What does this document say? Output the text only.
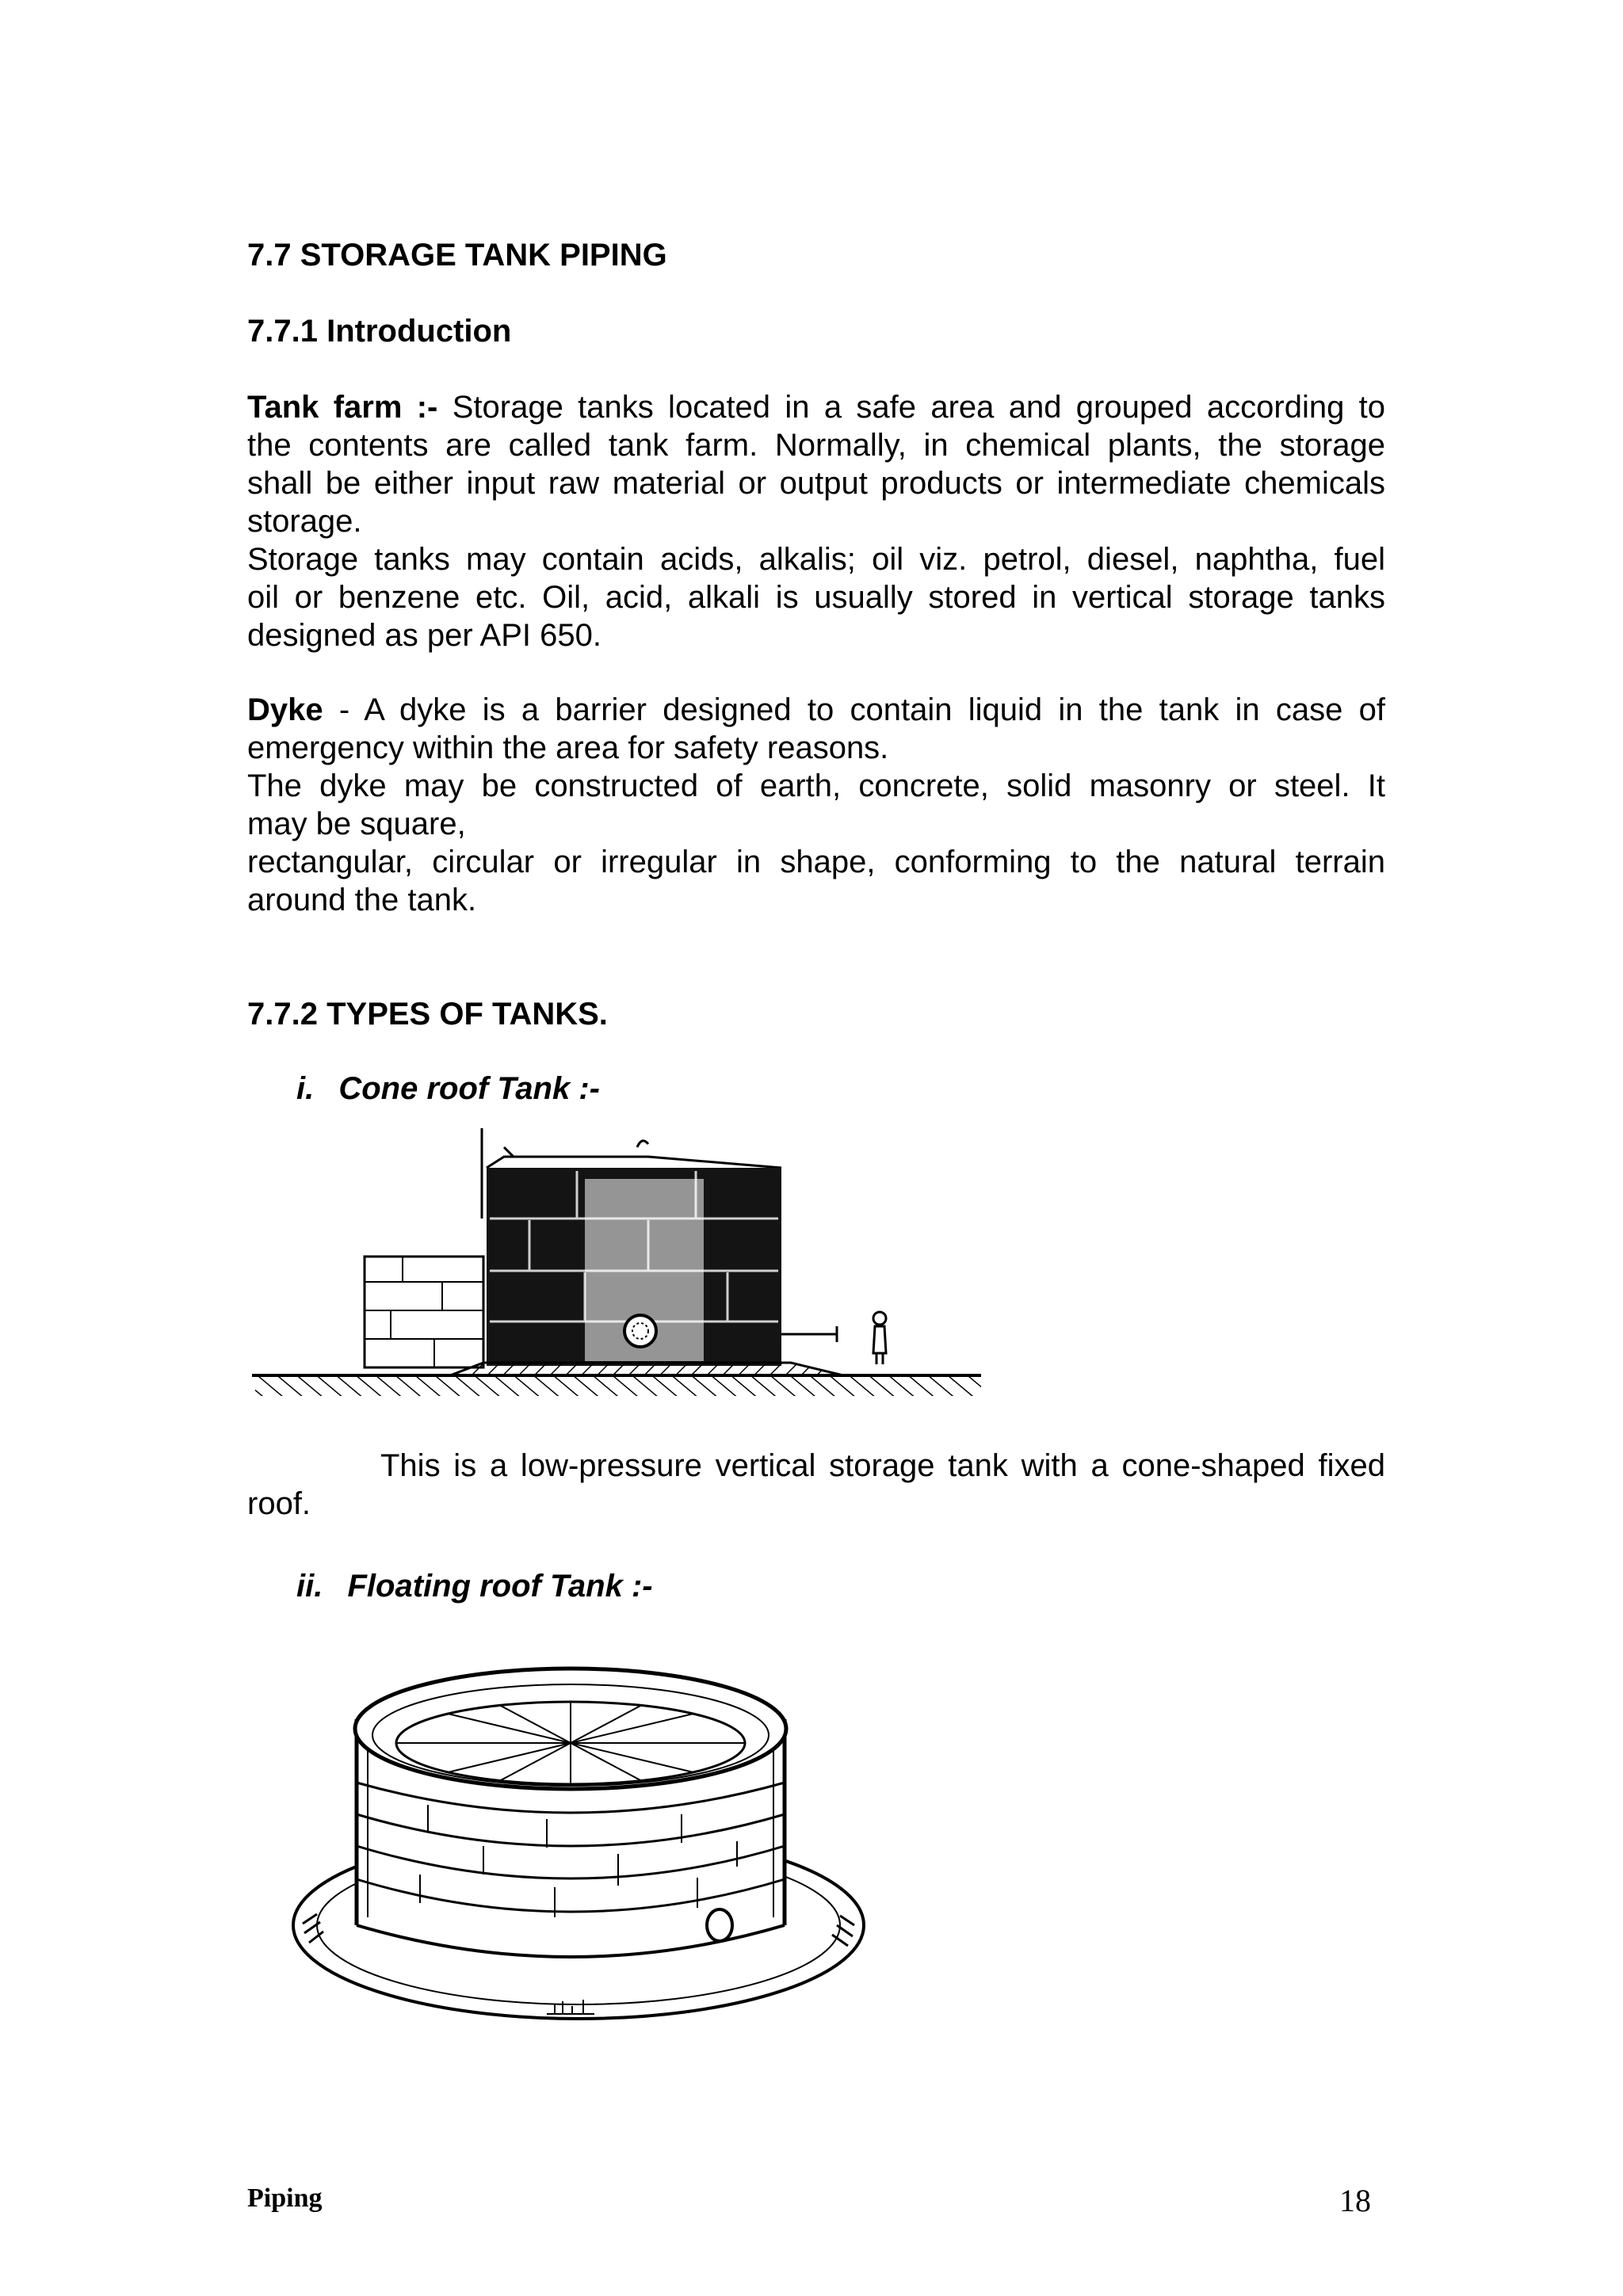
7.7 STORAGE TANK PIPING
7.7.1 Introduction
Tank farm :- Storage tanks located in a safe area and grouped according to
the contents are called tank farm. Normally, in chemical plants, the storage
shall be either input raw material or output products or intermediate chemicals
storage.
Storage tanks may contain acids, alkalis; oil viz. petrol, diesel, naphtha, fuel
oil or benzene etc. Oil, acid, alkali is usually stored in vertical storage tanks
designed as per API 650.
Dyke - A dyke is a barrier designed to contain liquid in the tank in case of
emergency within the area for safety reasons.
The dyke may be constructed of earth, concrete, solid masonry or steel. It
may be square,
rectangular, circular or irregular in shape, conforming to the natural terrain
around the tank.
7.7.2 TYPES OF TANKS.
i. Cone roof Tank :-
This is a low-pressure vertical storage tank with a cone-shaped fixed
roof.
ii. Floating roof Tank :-
Piping	18
